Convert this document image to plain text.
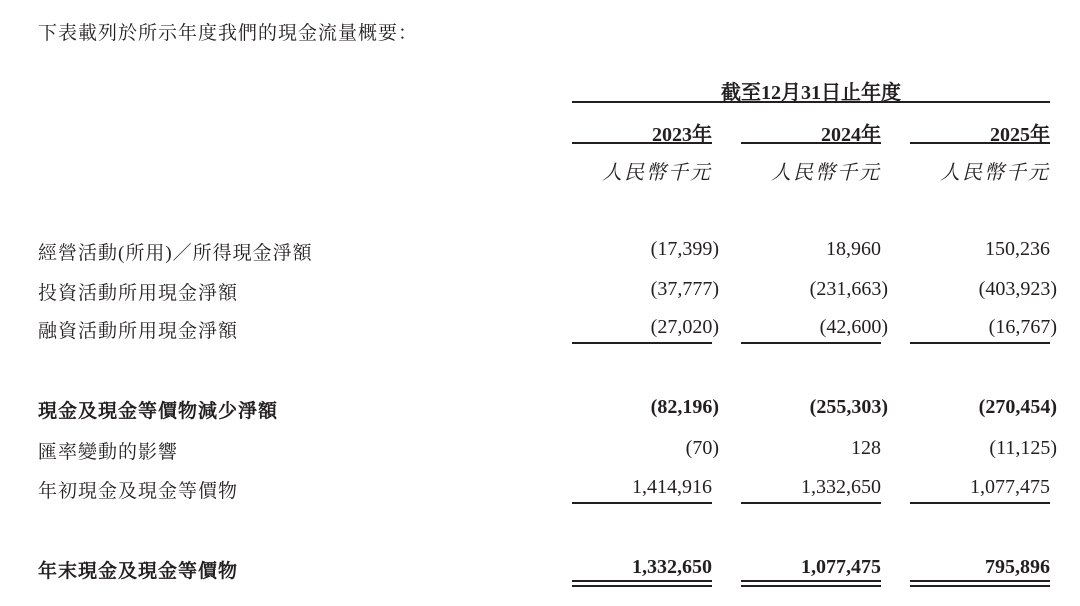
下表載列於所示年度我們的現金流量概要：
截至12月31日止年度
2023年	2024年	2025年
人民幣千元	人民幣千元	人民幣千元
經營活動(所用)／所得現金淨額	(17,399)	18,960	150,236
投資活動所用現金淨額	(37,777)	(231,663)	(403,923)
融資活動所用現金淨額	(27,020)	(42,600)	(16,767)
現金及現金等價物減少淨額	(82,196)	(255,303)	(270,454)
匯率變動的影響	(70)	128	(11,125)
年初現金及現金等價物	1,414,916	1,332,650	1,077,475
年末現金及現金等價物	1,332,650	1,077,475	795,896
